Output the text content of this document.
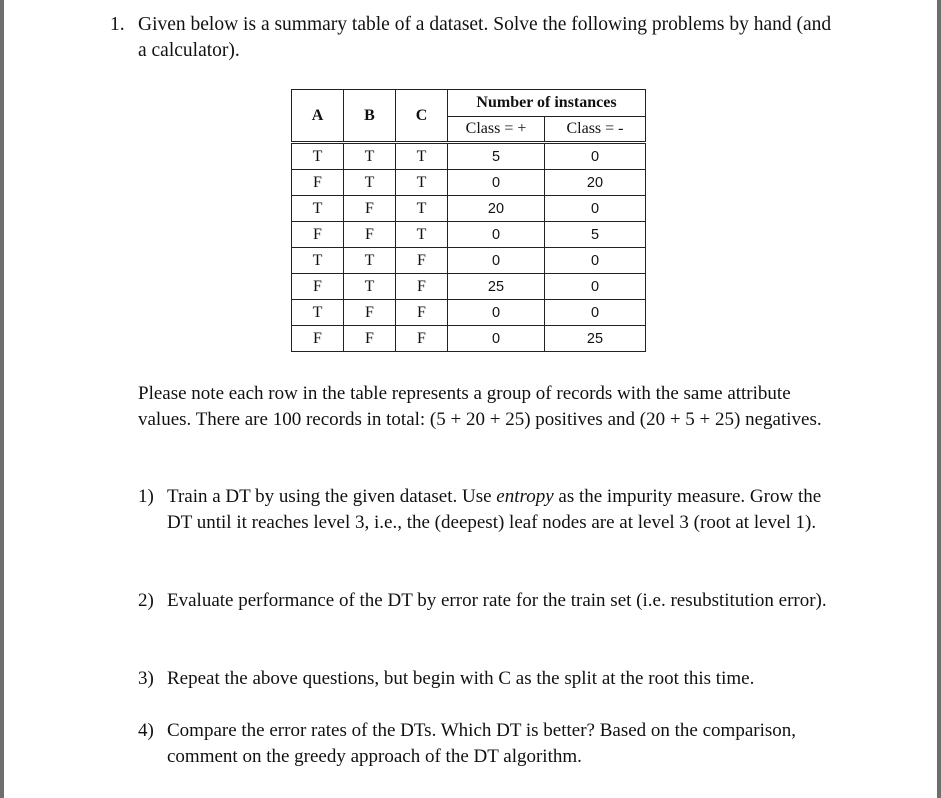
1. Given below is a summary table of a dataset. Solve the following problems by hand (and a calculator).
A	B	C	Number of instances	
			Class = +	Class = -
T	T	T	5	0
F	T	T	0	20
T	F	T	20	0
F	F	T	0	5
T	T	F	0	0
F	T	F	25	0
T	F	F	0	0
F	F	F	0	25
Please note each row in the table represents a group of records with the same attribute values. There are 100 records in total: (5 + 20 + 25) positives and (20 + 5 + 25) negatives.
1) Train a DT by using the given dataset. Use entropy as the impurity measure. Grow the DT until it reaches level 3, i.e., the (deepest) leaf nodes are at level 3 (root at level 1).
2) Evaluate performance of the DT by error rate for the train set (i.e. resubstitution error).
3) Repeat the above questions, but begin with C as the split at the root this time.
4) Compare the error rates of the DTs. Which DT is better? Based on the comparison, comment on the greedy approach of the DT algorithm.
